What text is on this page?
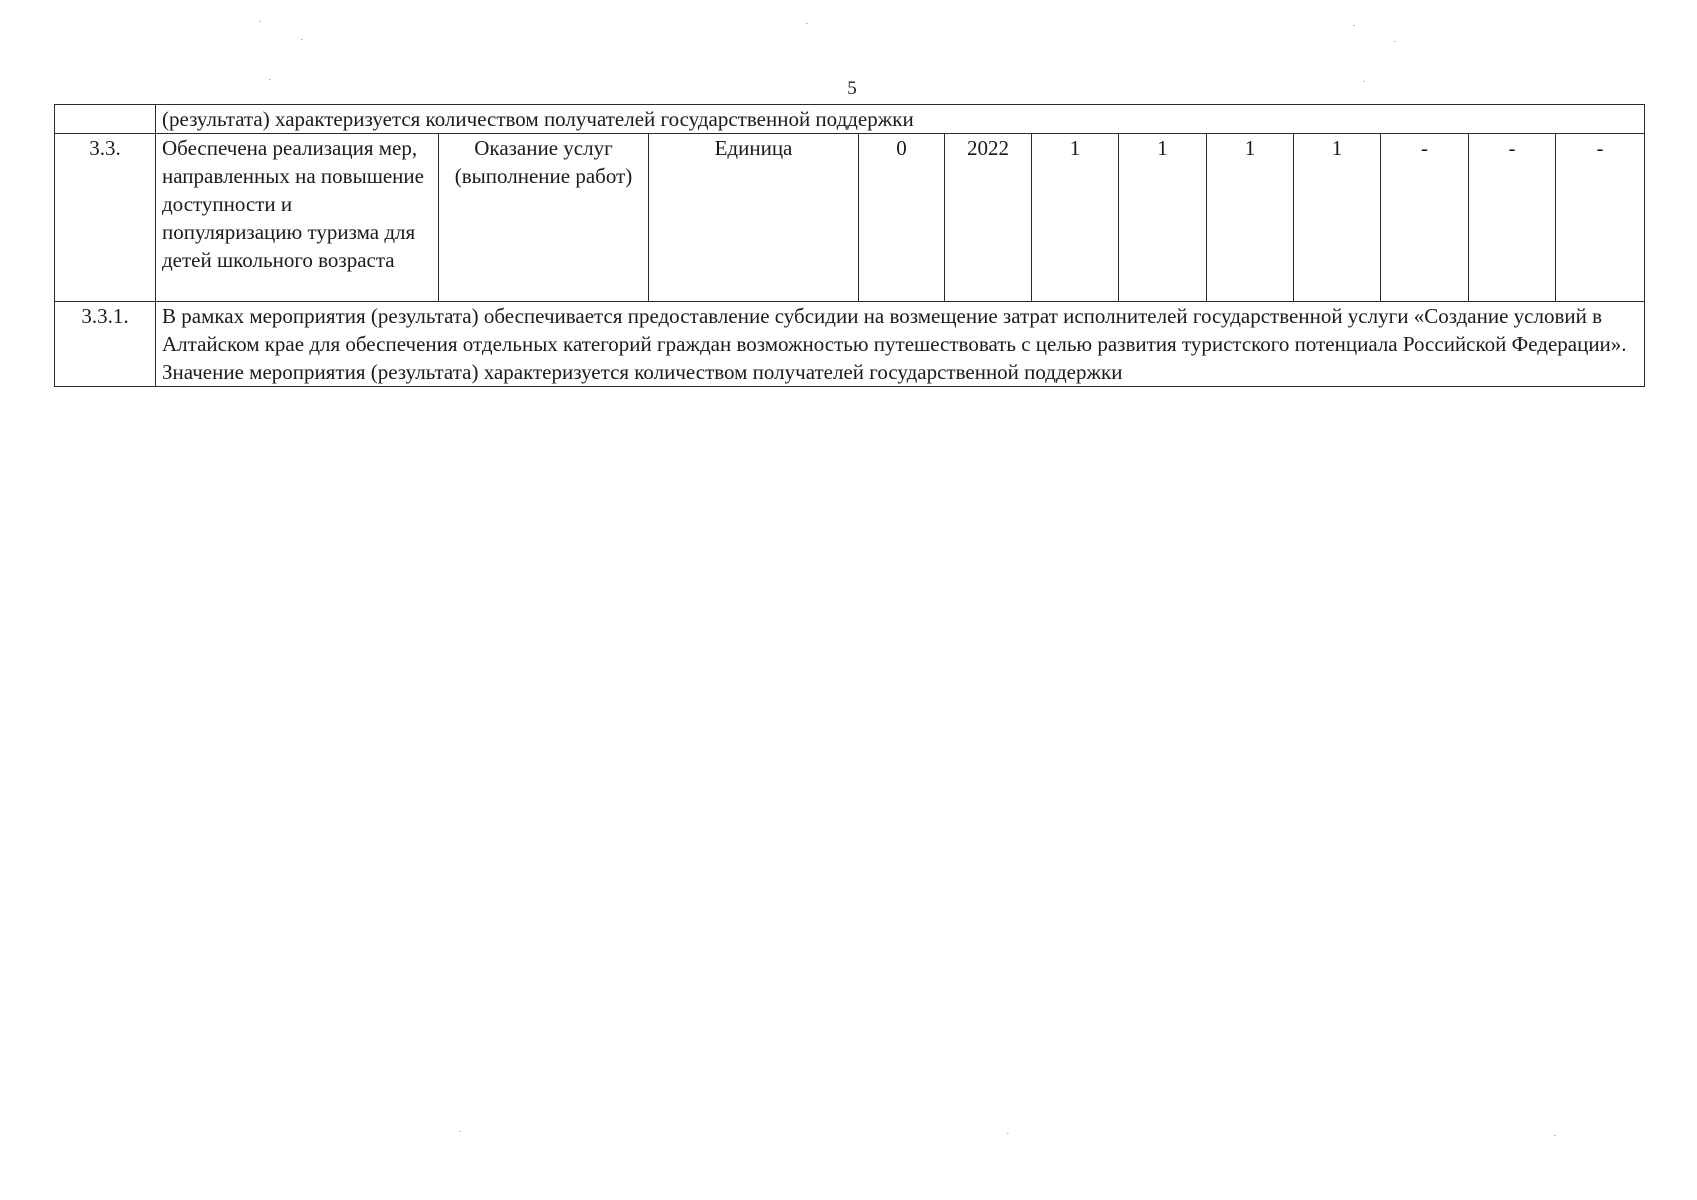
5
	(результата) характеризуется количеством получателей государственной поддержки											
3.3.	Обеспечена реализация мер, направленных на повышение доступности и популяризацию туризма для детей школьного возраста	Оказание услуг (выполнение работ)	Единица	0	2022	1	1	1	1	-	-	-
3.3.1.	В рамках мероприятия (результата) обеспечивается предоставление субсидии на возмещение затрат исполнителей государственной услуги «Создание условий в Алтайском крае для обеспечения отдельных категорий граждан возможностью путешествовать с целью развития туристского потенциала Российской Федерации». Значение мероприятия (результата) характеризуется количеством получателей государственной поддержки											
˙	˙	˙
˙	˙
˙	˙
˙	˙	˙
